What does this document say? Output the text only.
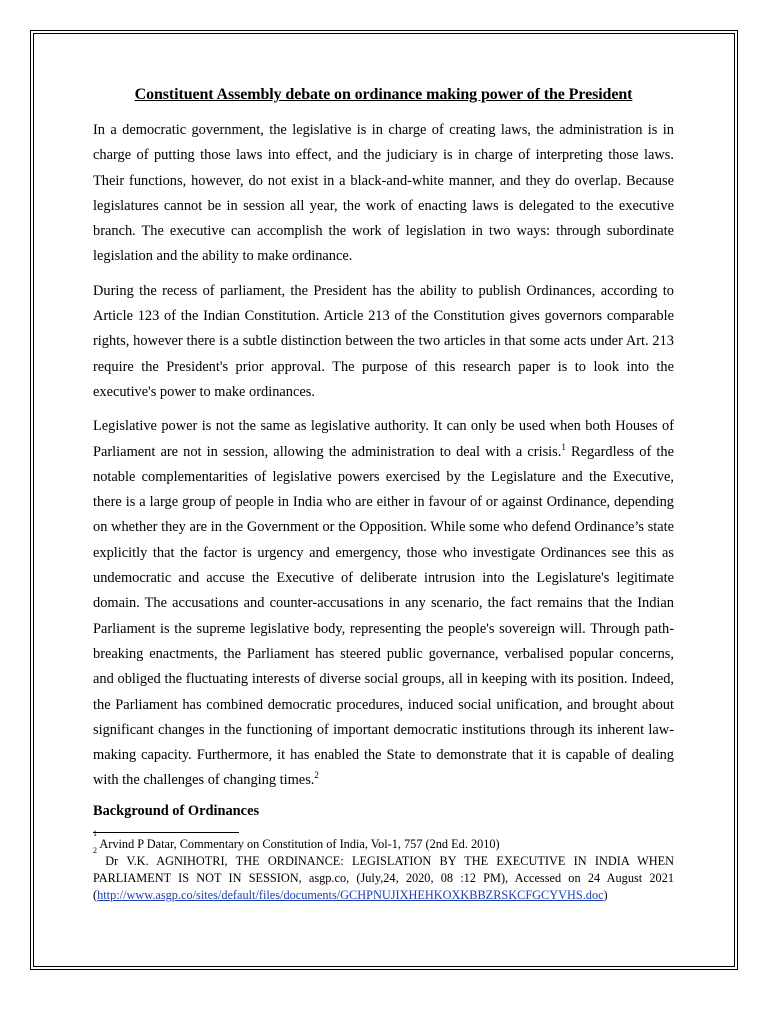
Constituent Assembly debate on ordinance making power of the President

In a democratic government, the legislative is in charge of creating laws, the administration is in charge of putting those laws into effect, and the judiciary is in charge of interpreting those laws. Their functions, however, do not exist in a black-and-white manner, and they do overlap. Because legislatures cannot be in session all year, the work of enacting laws is delegated to the executive branch. The executive can accomplish the work of legislation in two ways: through subordinate legislation and the ability to make ordinance.

During the recess of parliament, the President has the ability to publish Ordinances, according to Article 123 of the Indian Constitution. Article 213 of the Constitution gives governors comparable rights, however there is a subtle distinction between the two articles in that some acts under Art. 213 require the President's prior approval. The purpose of this research paper is to look into the executive's power to make ordinances.

Legislative power is not the same as legislative authority. It can only be used when both Houses of Parliament are not in session, allowing the administration to deal with a crisis.$^1$ Regardless of the notable complementarities of legislative powers exercised by the Legislature and the Executive, there is a large group of people in India who are either in favour of or against Ordinance, depending on whether they are in the Government or the Opposition. While some who defend Ordinance’s state explicitly that the factor is urgency and emergency, those who investigate Ordinances see this as undemocratic and accuse the Executive of deliberate intrusion into the Legislature's legitimate domain. The accusations and counter-accusations in any scenario, the fact remains that the Indian Parliament is the supreme legislative body, representing the people's sovereign will. Through path-breaking enactments, the Parliament has steered public governance, verbalised popular concerns, and obliged the fluctuating interests of diverse social groups, all in keeping with its position. Indeed, the Parliament has combined democratic procedures, induced social unification, and brought about significant changes in the functioning of important democratic institutions through its inherent law-making capacity. Furthermore, it has enabled the State to demonstrate that it is capable of dealing with the challenges of changing times.$^2$

Background of Ordinances

$^1$ Arvind P Datar, Commentary on Constitution of India, Vol-1, 757 (2nd Ed. 2010)

$^2$ Dr V.K. AGNIHOTRI, THE ORDINANCE: LEGISLATION BY THE EXECUTIVE IN INDIA WHEN PARLIAMENT IS NOT IN SESSION, asgp.co, (July,24, 2020, 08 :12 PM), Accessed on 24 August 2021 (http://www.asgp.co/sites/default/files/documents/GCHPNUJIXHEHKOXKBBZRSKCFGCYVHS.doc)
